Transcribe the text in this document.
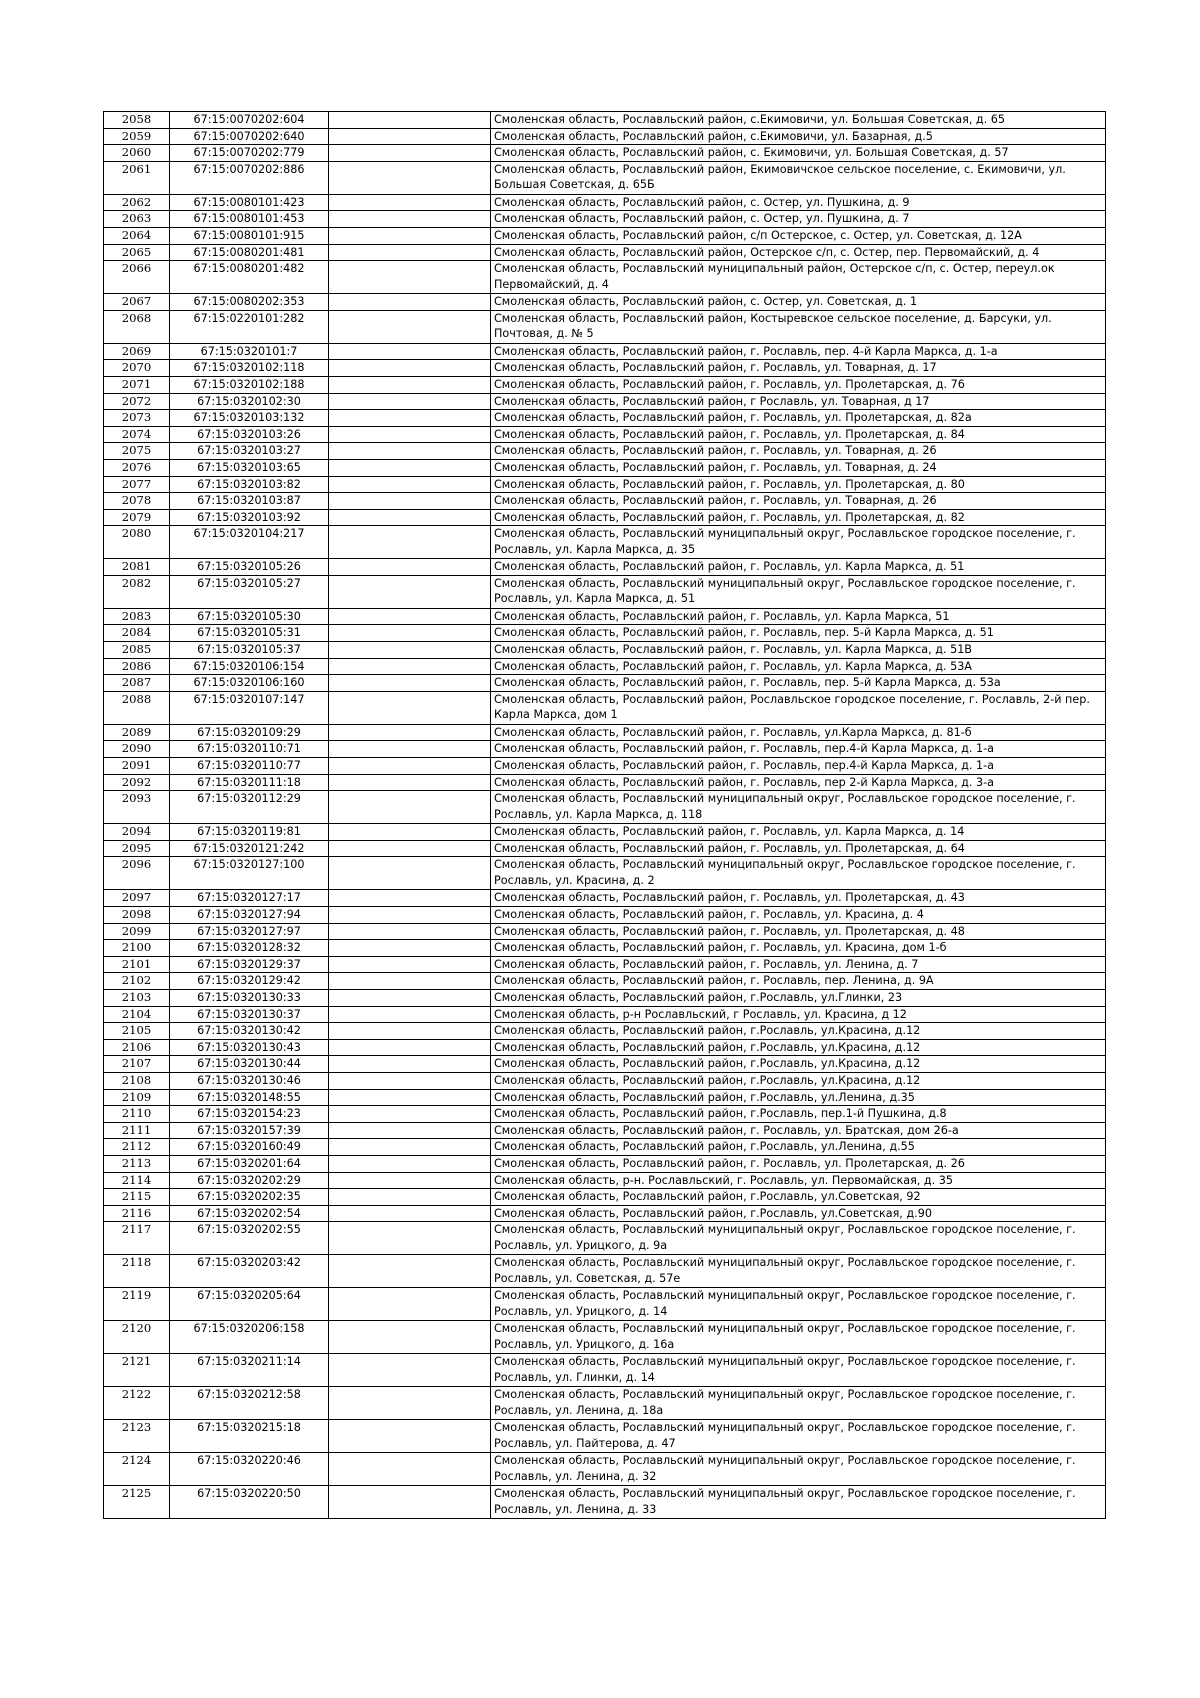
2058	67:15:0070202:604		Смоленская область, Рославльский район, с.Екимовичи, ул. Большая Советская, д. 65
2059	67:15:0070202:640		Смоленская область, Рославльский район, с.Екимовичи, ул. Базарная, д.5
2060	67:15:0070202:779		Смоленская область, Рославльский район, с. Екимовичи, ул. Большая Советская, д. 57
2061	67:15:0070202:886		Смоленская область, Рославльский район, Екимовичское сельское поселение, с. Екимовичи, ул. Большая Советская, д. 65Б
2062	67:15:0080101:423		Смоленская область, Рославльский район, с. Остер, ул. Пушкина, д. 9
2063	67:15:0080101:453		Смоленская область, Рославльский район, с. Остер, ул. Пушкина, д. 7
2064	67:15:0080101:915		Смоленская область, Рославльский район, с/п Остерское, с. Остер, ул. Советская, д. 12А
2065	67:15:0080201:481		Смоленская область, Рославльский район, Остерское с/п, с. Остер, пер. Первомайский, д. 4
2066	67:15:0080201:482		Смоленская область, Рославльский муниципальный район, Остерское с/п, с. Остер, переул.ок Первомайский, д. 4
2067	67:15:0080202:353		Смоленская область, Рославльский район, с. Остер, ул. Советская, д. 1
2068	67:15:0220101:282		Смоленская область, Рославльский район, Костыревское сельское поселение, д. Барсуки, ул. Почтовая, д. № 5
2069	67:15:0320101:7		Смоленская область, Рославльский район, г. Рославль, пер. 4-й Карла Маркса, д. 1-а
2070	67:15:0320102:118		Смоленская область, Рославльский район, г. Рославль, ул. Товарная, д. 17
2071	67:15:0320102:188		Смоленская область, Рославльский район, г. Рославль, ул. Пролетарская, д. 76
2072	67:15:0320102:30		Смоленская область, Рославльский район, г Рославль, ул. Товарная, д 17
2073	67:15:0320103:132		Смоленская область, Рославльский район, г. Рославль, ул. Пролетарская, д. 82а
2074	67:15:0320103:26		Смоленская область, Рославльский район, г. Рославль, ул. Пролетарская, д. 84
2075	67:15:0320103:27		Смоленская область, Рославльский район, г. Рославль, ул. Товарная, д. 26
2076	67:15:0320103:65		Смоленская область, Рославльский район, г. Рославль, ул. Товарная, д. 24
2077	67:15:0320103:82		Смоленская область, Рославльский район, г. Рославль, ул. Пролетарская, д. 80
2078	67:15:0320103:87		Смоленская область, Рославльский район, г. Рославль, ул. Товарная, д. 26
2079	67:15:0320103:92		Смоленская область, Рославльский район, г. Рославль, ул. Пролетарская, д. 82
2080	67:15:0320104:217		Смоленская область, Рославльский муниципальный округ, Рославльское городское поселение, г. Рославль, ул. Карла Маркса, д. 35
2081	67:15:0320105:26		Смоленская область, Рославльский район, г. Рославль, ул. Карла Маркса, д. 51
2082	67:15:0320105:27		Смоленская область, Рославльский муниципальный округ, Рославльское городское поселение, г. Рославль, ул. Карла Маркса, д. 51
2083	67:15:0320105:30		Смоленская область, Рославльский район, г. Рославль, ул. Карла Маркса, 51
2084	67:15:0320105:31		Смоленская область, Рославльский район, г. Рославль, пер. 5-й Карла Маркса, д. 51
2085	67:15:0320105:37		Смоленская область, Рославльский район, г. Рославль, ул. Карла Маркса, д. 51В
2086	67:15:0320106:154		Смоленская область, Рославльский район, г. Рославль, ул. Карла Маркса, д. 53А
2087	67:15:0320106:160		Смоленская область, Рославльский район, г. Рославль, пер. 5-й Карла Маркса, д. 53а
2088	67:15:0320107:147		Смоленская область, Рославльский район, Рославльское городское поселение, г. Рославль, 2-й пер. Карла Маркса, дом 1
2089	67:15:0320109:29		Смоленская область, Рославльский район, г. Рославль, ул.Карла Маркса, д. 81-б
2090	67:15:0320110:71		Смоленская область, Рославльский район, г. Рославль, пер.4-й Карла Маркса, д. 1-а
2091	67:15:0320110:77		Смоленская область, Рославльский район, г. Рославль, пер.4-й Карла Маркса, д. 1-а
2092	67:15:0320111:18		Смоленская область, Рославльский район, г. Рославль, пер 2-й Карла Маркса, д. 3-а
2093	67:15:0320112:29		Смоленская область, Рославльский муниципальный округ, Рославльское городское поселение, г. Рославль, ул. Карла Маркса, д. 118
2094	67:15:0320119:81		Смоленская область, Рославльский район, г. Рославль, ул. Карла Маркса, д. 14
2095	67:15:0320121:242		Смоленская область, Рославльский район, г. Рославль, ул. Пролетарская, д. 64
2096	67:15:0320127:100		Смоленская область, Рославльский муниципальный округ, Рославльское городское поселение, г. Рославль, ул. Красина, д. 2
2097	67:15:0320127:17		Смоленская область, Рославльский район, г. Рославль, ул. Пролетарская, д. 43
2098	67:15:0320127:94		Смоленская область, Рославльский район, г. Рославль, ул. Красина, д. 4
2099	67:15:0320127:97		Смоленская область, Рославльский район, г. Рославль, ул. Пролетарская, д. 48
2100	67:15:0320128:32		Смоленская область, Рославльский район, г. Рославль, ул. Красина, дом 1-б
2101	67:15:0320129:37		Смоленская область, Рославльский район, г. Рославль, ул. Ленина, д. 7
2102	67:15:0320129:42		Смоленская область, Рославльский район, г. Рославль, пер. Ленина, д. 9А
2103	67:15:0320130:33		Смоленская область, Рославльский район, г.Рославль, ул.Глинки, 23
2104	67:15:0320130:37		Смоленская область, р-н Рославльский, г Рославль, ул. Красина, д 12
2105	67:15:0320130:42		Смоленская область, Рославльский район, г.Рославль, ул.Красина, д.12
2106	67:15:0320130:43		Смоленская область, Рославльский район, г.Рославль, ул.Красина, д.12
2107	67:15:0320130:44		Смоленская область, Рославльский район, г.Рославль, ул.Красина, д.12
2108	67:15:0320130:46		Смоленская область, Рославльский район, г.Рославль, ул.Красина, д.12
2109	67:15:0320148:55		Смоленская область, Рославльский район, г.Рославль, ул.Ленина, д.35
2110	67:15:0320154:23		Смоленская область, Рославльский район, г.Рославль, пер.1-й Пушкина, д.8
2111	67:15:0320157:39		Смоленская область, Рославльский район, г. Рославль, ул. Братская, дом 26-а
2112	67:15:0320160:49		Смоленская область, Рославльский район, г.Рославль, ул.Ленина, д.55
2113	67:15:0320201:64		Смоленская область, Рославльский район, г. Рославль, ул. Пролетарская, д. 26
2114	67:15:0320202:29		Смоленская область, р-н. Рославльский, г. Рославль, ул. Первомайская, д. 35
2115	67:15:0320202:35		Смоленская область, Рославльский район, г.Рославль, ул.Советская, 92
2116	67:15:0320202:54		Смоленская область, Рославльский район, г.Рославль, ул.Советская, д.90
2117	67:15:0320202:55		Смоленская область, Рославльский муниципальный округ, Рославльское городское поселение, г. Рославль, ул. Урицкого, д. 9а
2118	67:15:0320203:42		Смоленская область, Рославльский муниципальный округ, Рославльское городское поселение, г. Рославль, ул. Советская, д. 57е
2119	67:15:0320205:64		Смоленская область, Рославльский муниципальный округ, Рославльское городское поселение, г. Рославль, ул. Урицкого, д. 14
2120	67:15:0320206:158		Смоленская область, Рославльский муниципальный округ, Рославльское городское поселение, г. Рославль, ул. Урицкого, д. 16а
2121	67:15:0320211:14		Смоленская область, Рославльский муниципальный округ, Рославльское городское поселение, г. Рославль, ул. Глинки, д. 14
2122	67:15:0320212:58		Смоленская область, Рославльский муниципальный округ, Рославльское городское поселение, г. Рославль, ул. Ленина, д. 18а
2123	67:15:0320215:18		Смоленская область, Рославльский муниципальный округ, Рославльское городское поселение, г. Рославль, ул. Пайтерова, д. 47
2124	67:15:0320220:46		Смоленская область, Рославльский муниципальный округ, Рославльское городское поселение, г. Рославль, ул. Ленина, д. 32
2125	67:15:0320220:50		Смоленская область, Рославльский муниципальный округ, Рославльское городское поселение, г. Рославль, ул. Ленина, д. 33
